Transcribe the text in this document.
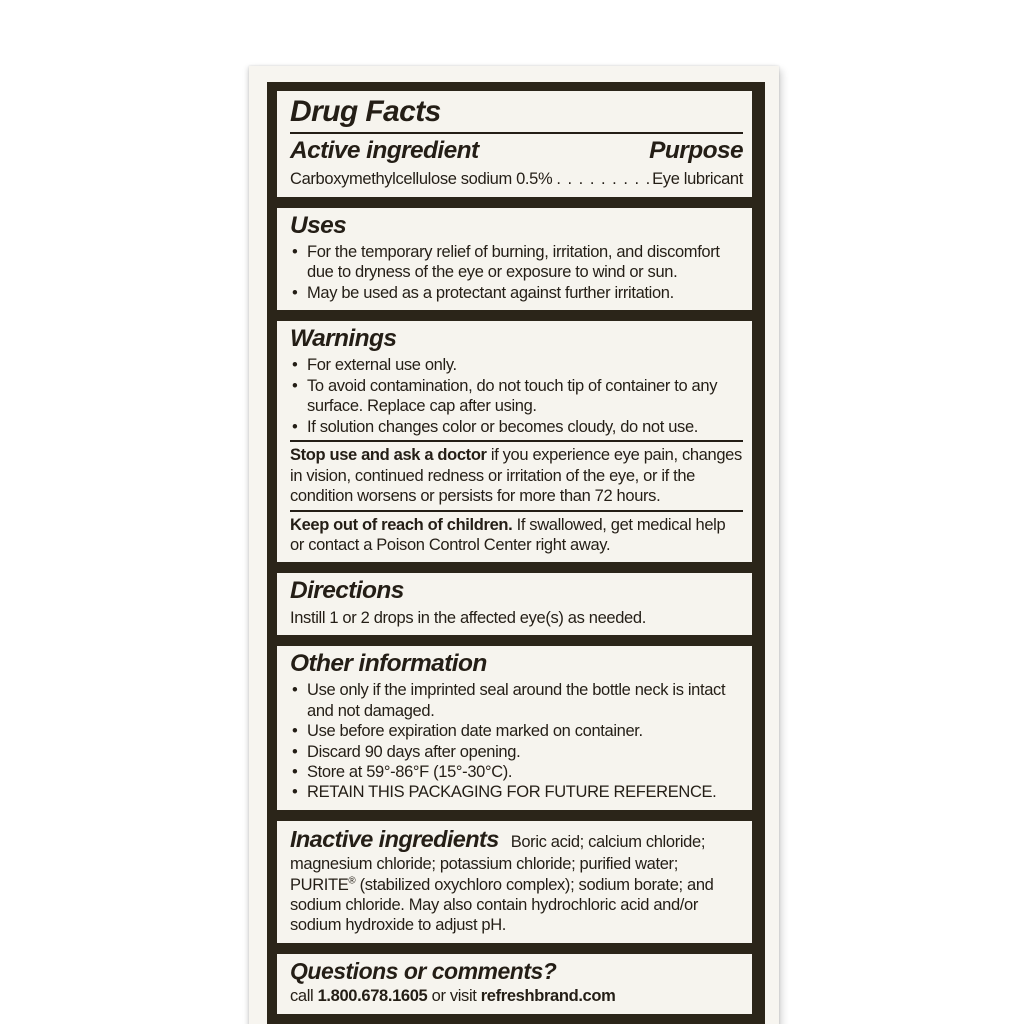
Drug Facts
Active ingredient	Purpose
Carboxymethylcellulose sodium 0.5% . . . . . . . . . Eye lubricant
Uses
• For the temporary relief of burning, irritation, and discomfort due to dryness of the eye or exposure to wind or sun.
• May be used as a protectant against further irritation.
Warnings
• For external use only.
• To avoid contamination, do not touch tip of container to any surface. Replace cap after using.
• If solution changes color or becomes cloudy, do not use.

Stop use and ask a doctor if you experience eye pain, changes in vision, continued redness or irritation of the eye, or if the condition worsens or persists for more than 72 hours.

Keep out of reach of children. If swallowed, get medical help or contact a Poison Control Center right away.

Directions
Instill 1 or 2 drops in the affected eye(s) as needed.
Other information
• Use only if the imprinted seal around the bottle neck is intact and not damaged.
• Use before expiration date marked on container.
• Discard 90 days after opening.
• Store at 59°-86°F (15°-30°C).
• RETAIN THIS PACKAGING FOR FUTURE REFERENCE.

Inactive ingredients Boric acid; calcium chloride; magnesium chloride; potassium chloride; purified water; PURITE® (stabilized oxychloro complex); sodium borate; and sodium chloride. May also contain hydrochloric acid and/or sodium hydroxide to adjust pH.

Questions or comments?

call 1.800.678.1605 or visit refreshbrand.com
